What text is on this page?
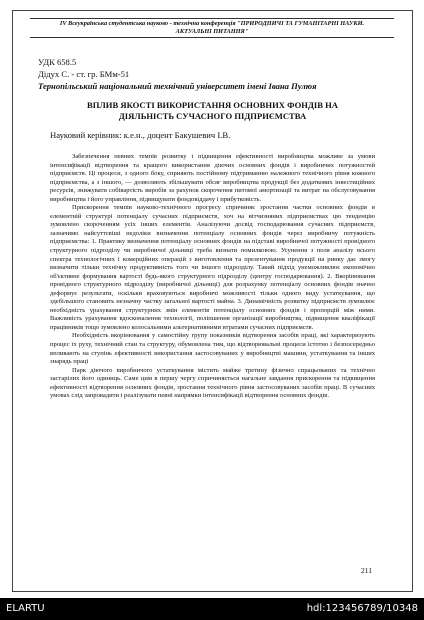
IV Всеукраїнська студентська науково - технічна конференція "ПРИРОДНИЧІ ТА ГУМАНІТАРНІ НАУКИ.
АКТУАЛЬНІ ПИТАННЯ"
УДК 658.5
Дідух С. - ст. гр. БМм-51
Тернопільський національний технічний університет імені Івана Пулюя
ВПЛИВ ЯКОСТІ ВИКОРИСТАННЯ ОСНОВНИХ ФОНДІВ НА
ДІЯЛЬНІСТЬ СУЧАСНОГО ПІДПРИЄМСТВА
Науковий керівник: к.е.н., доцент Бакушевич І.В.

Забезпечення певних темпів розвитку і підвищення ефективності виробництва можливе за умови інтенсифікації відтворення та кращого використання діючих основних фондів і виробничих потужностей підприємств. Ці процеси, з одного боку, сприяють постійному підтриманню належного технічного рівня кожного підприємства, а з іншого, — дозволяють збільшувати обсяг виробництва продукції без додаткових інвестиційних ресурсів, знижувати собівартість виробів за рахунок скорочення питомої амортизації та витрат на обслуговування виробництва і його управління, підвищувати фондовіддачу і прибутковість.

Прискорення темпів науково-технічного прогресу спричиняє зростання частки основних фондів в елементній структурі потенціалу сучасних підприємств, хоч на вітчизняних підприємствах цю тенденцію зумовлено скороченням усіх інших елементів. Аналізуючи досвід господарювання сучасних підприємств, зазначимо найсуттєвіші недоліки визначення потенціалу основних фондів через виробничу потужність підприємства: 1. Практику визначення потенціалу основних фондів на підставі виробничої потужності провідного структурного підрозділу чи виробничої дільниці треба визнати помилковою. Усунення з поля аналізу всього спектра технологічних і комерційних операцій з виготовлення та презентування продукції на ринку дає змогу визначити тільки технічну продуктивність того чи іншого підрозділу. Такий підхід унеможливлює економічно об'єктивне формування вартості будь-якого структурного підрозділу (центру господарювання). 2. Вкорінювання провідного структурного підрозділу (виробничої дільниці) для розрахунку потенціалу основних фондів значно деформує результати, оскільки враховуються виробничі можливості тільки одного виду устаткування, що здебільшого становить незначну частку загальної вартості майна. 3. Динамічність розвитку підприємств зумовлює необхідність урахування структурних змін елементів потенціалу основних фондів і пропорцій між ними. Важливість урахування вдосконалення технології, поліпшення організації виробництва, підвищення кваліфікації працівників тощо зумовлено колосальними альтернативними втратами сучасних підприємств.

Необхідність вкорінювання у самостійну групу показників відтворення засобів праці, які характеризують процес їх руху, технічний стан та структуру, обумовлена тим, що відтворювальні процеси істотно і безпосередньо впливають на ступінь ефективності використання застосовуваних у виробництві машини, устаткування та інших знарядь праці

Парк діючого виробничого устаткування містить майже третину фізично спрацьованих та технічно застарілих його одиниць. Саме цим в першу чергу спричиняється нагальне завдання прискорення та підвищення ефективності відтворення основних фондів, зростання технічного рівня застосовуваних засобів праці. В сучасних умовах слід запровадити і реалізувати певні напрямки інтенсифікації відтворення основних фондів.

211
ELARTU	hdl:123456789/10348
